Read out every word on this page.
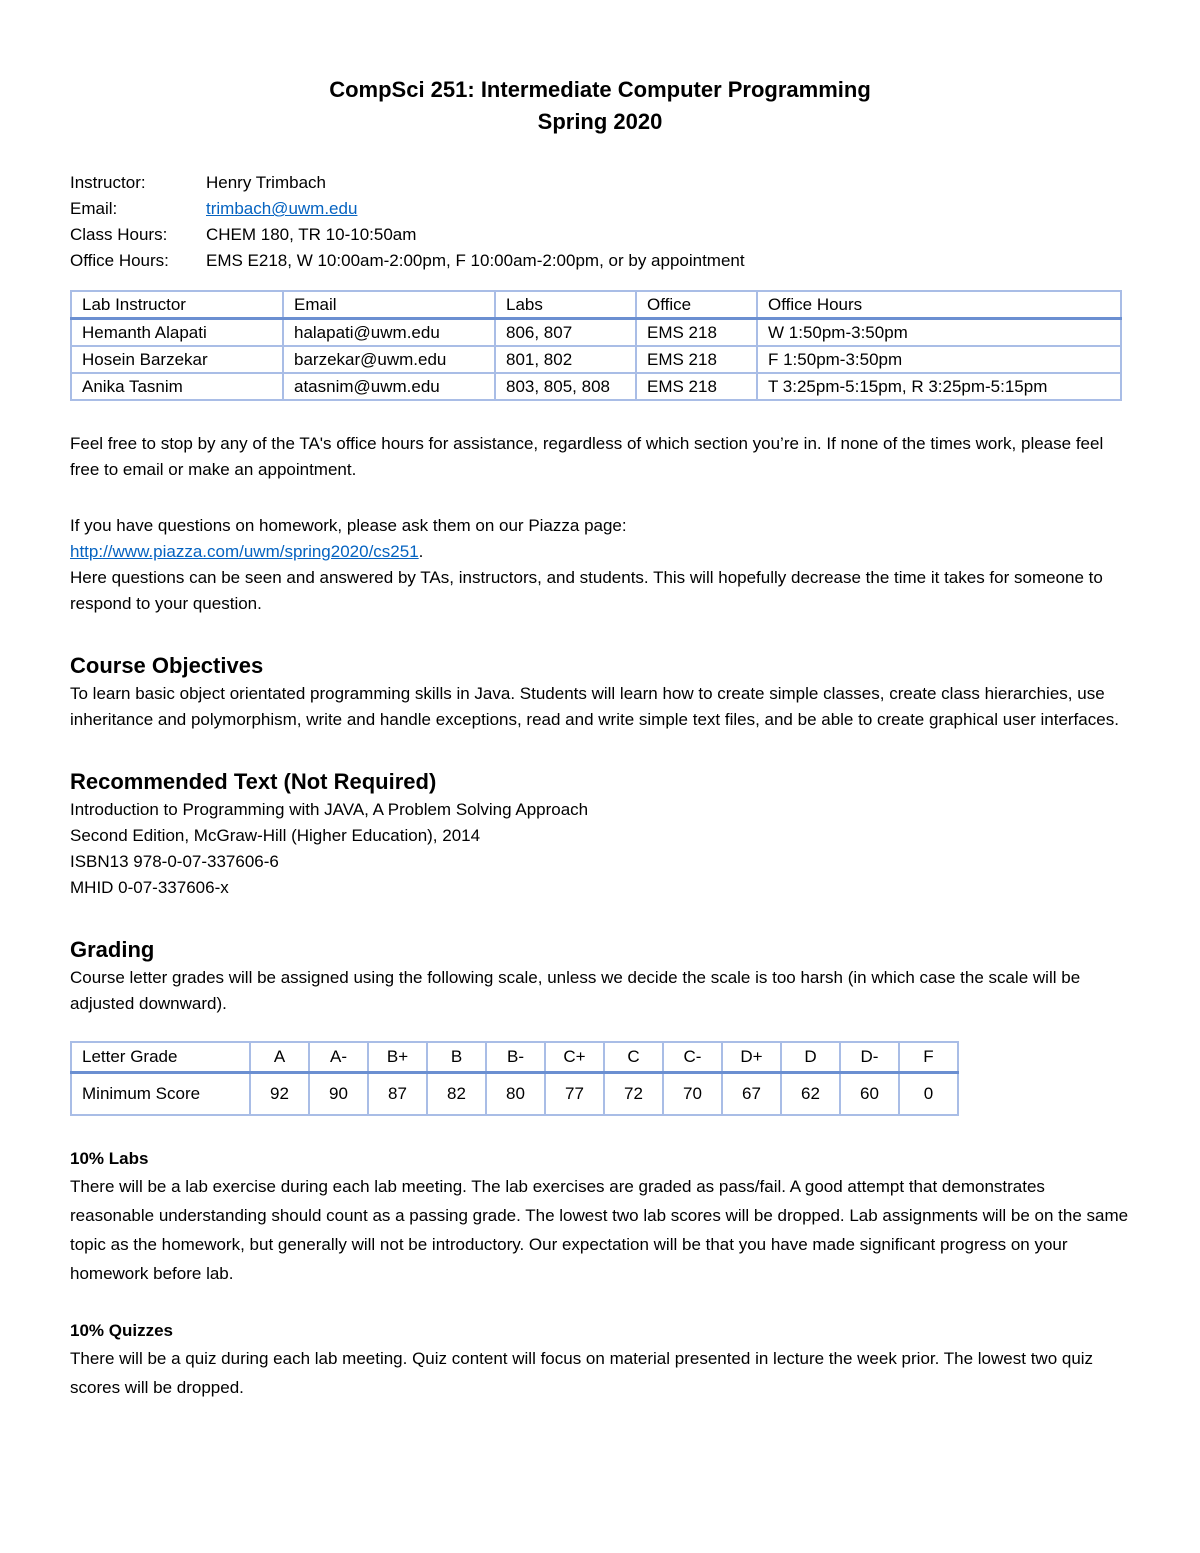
CompSci 251: Intermediate Computer Programming
Spring 2020
Instructor:	Henry Trimbach
Email:	trimbach@uwm.edu
Class Hours:	CHEM 180, TR 10-10:50am
Office Hours:	EMS E218, W 10:00am-2:00pm, F 10:00am-2:00pm, or by appointment
Lab Instructor	Email	Labs	Office	Office Hours
Hemanth Alapati	halapati@uwm.edu	806, 807	EMS 218	W 1:50pm-3:50pm
Hosein Barzekar	barzekar@uwm.edu	801, 802	EMS 218	F 1:50pm-3:50pm
Anika Tasnim	atasnim@uwm.edu	803, 805, 808	EMS 218	T 3:25pm-5:15pm, R 3:25pm-5:15pm

Feel free to stop by any of the TA's office hours for assistance, regardless of which section you’re in. If none of the times work, please feel free to email or make an appointment.

If you have questions on homework, please ask them on our Piazza page:
http://www.piazza.com/uwm/spring2020/cs251.
Here questions can be seen and answered by TAs, instructors, and students. This will hopefully decrease the time it takes for someone to respond to your question.
Course Objectives

To learn basic object orientated programming skills in Java. Students will learn how to create simple classes, create class hierarchies, use inheritance and polymorphism, write and handle exceptions, read and write simple text files, and be able to create graphical user interfaces.

Recommended Text (Not Required)
Introduction to Programming with JAVA, A Problem Solving Approach
Second Edition, McGraw-Hill (Higher Education), 2014
ISBN13 978-0-07-337606-6
MHID 0-07-337606-x
Grading

Course letter grades will be assigned using the following scale, unless we decide the scale is too harsh (in which case the scale will be adjusted downward).

Letter Grade	A	A-	B+	B	B-	C+	C	C-	D+	D	D-	F
Minimum Score	92	90	87	82	80	77	72	70	67	62	60	0
10% Labs

There will be a lab exercise during each lab meeting. The lab exercises are graded as pass/fail. A good attempt that demonstrates reasonable understanding should count as a passing grade. The lowest two lab scores will be dropped. Lab assignments will be on the same topic as the homework, but generally will not be introductory. Our expectation will be that you have made significant progress on your homework before lab.

10% Quizzes

There will be a quiz during each lab meeting. Quiz content will focus on material presented in lecture the week prior. The lowest two quiz scores will be dropped.
